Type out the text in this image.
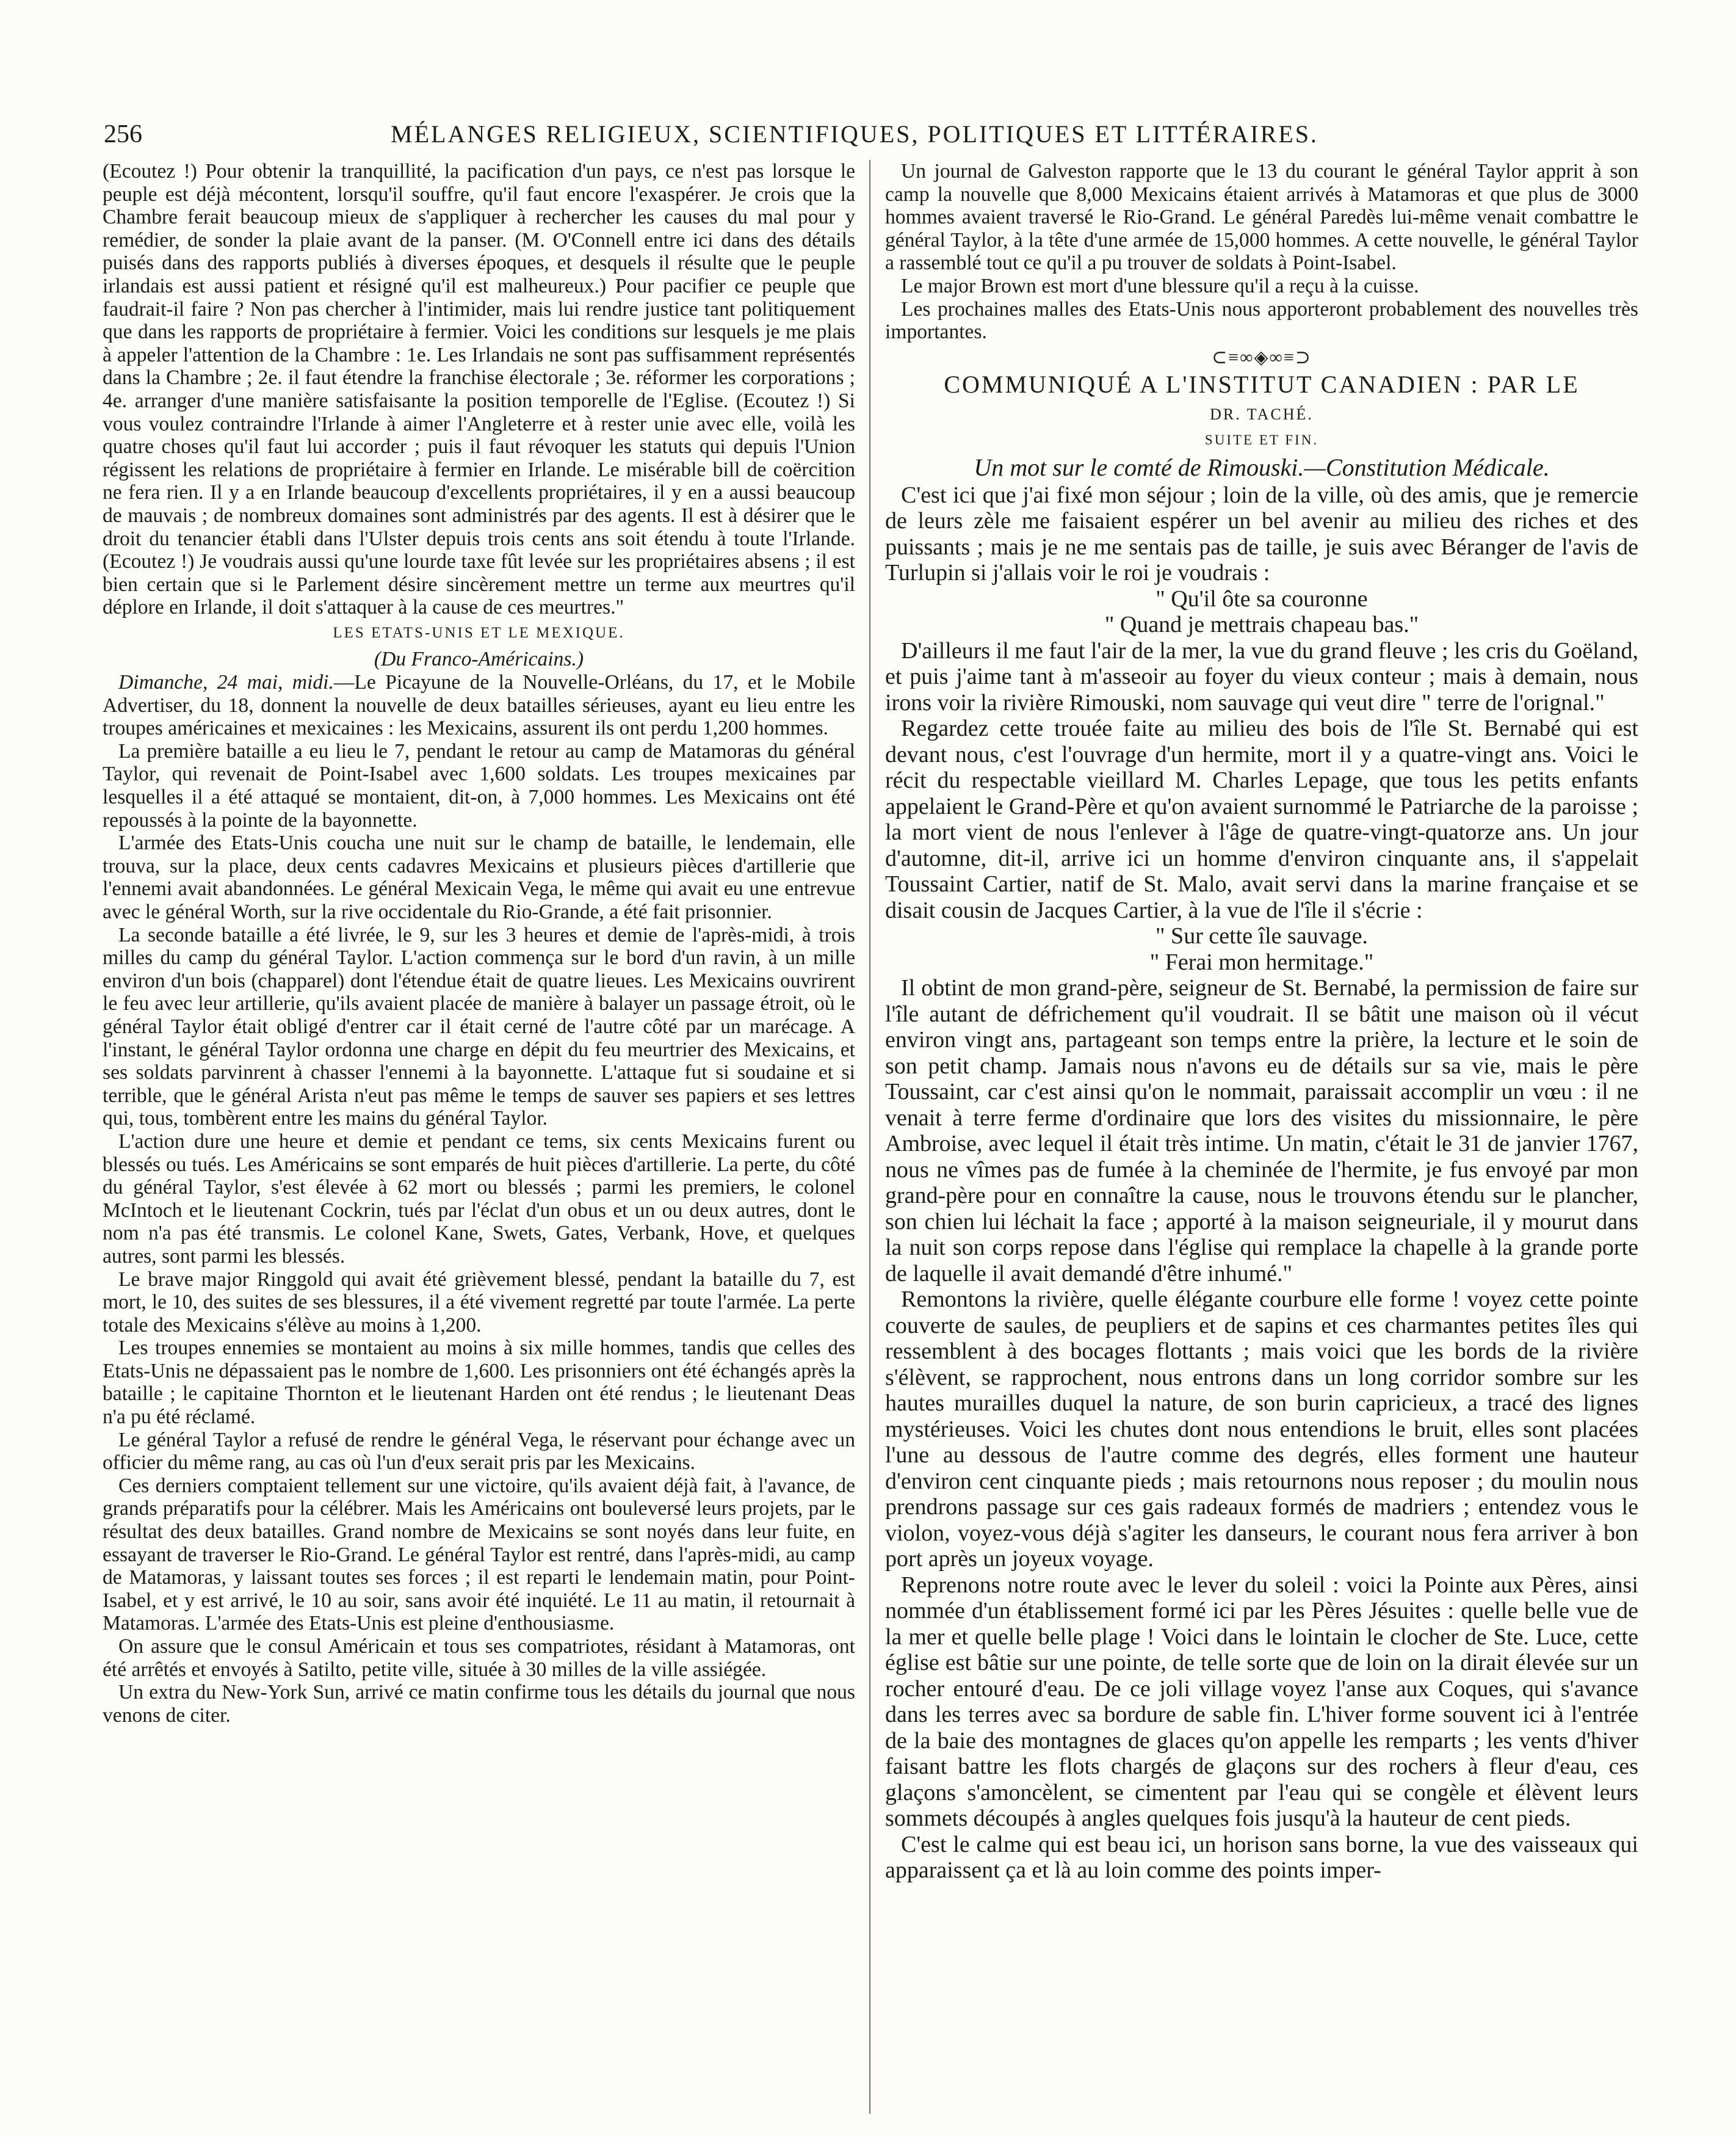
256	MÉLANGES RELIGIEUX, SCIENTIFIQUES, POLITIQUES ET LITTÉRAIRES.

(Ecoutez !) Pour obtenir la tranquillité, la pacification d'un pays, ce n'est pas lorsque le peuple est déjà mécontent, lorsqu'il souffre, qu'il faut encore l'exaspérer. Je crois que la Chambre ferait beaucoup mieux de s'appliquer à rechercher les causes du mal pour y remédier, de sonder la plaie avant de la panser. (M. O'Connell entre ici dans des détails puisés dans des rapports publiés à diverses époques, et desquels il résulte que le peuple irlandais est aussi patient et résigné qu'il est malheureux.) Pour pacifier ce peuple que faudrait-il faire ? Non pas chercher à l'intimider, mais lui rendre justice tant politiquement que dans les rapports de propriétaire à fermier. Voici les conditions sur lesquels je me plais à appeler l'attention de la Chambre : 1e. Les Irlandais ne sont pas suffisamment représentés dans la Chambre ; 2e. il faut étendre la franchise électorale ; 3e. réformer les corporations ; 4e. arranger d'une manière satisfaisante la position temporelle de l'Eglise. (Ecoutez !) Si vous voulez contraindre l'Irlande à aimer l'Angleterre et à rester unie avec elle, voilà les quatre choses qu'il faut lui accorder ; puis il faut révoquer les statuts qui depuis l'Union régissent les relations de propriétaire à fermier en Irlande. Le misérable bill de coërcition ne fera rien. Il y a en Irlande beaucoup d'excellents propriétaires, il y en a aussi beaucoup de mauvais ; de nombreux domaines sont administrés par des agents. Il est à désirer que le droit du tenancier établi dans l'Ulster depuis trois cents ans soit étendu à toute l'Irlande. (Ecoutez !) Je voudrais aussi qu'une lourde taxe fût levée sur les propriétaires absens ; il est bien certain que si le Parlement désire sincèrement mettre un terme aux meurtres qu'il déplore en Irlande, il doit s'attaquer à la cause de ces meurtres."

LES ETATS-UNIS ET LE MEXIQUE.

(Du Franco-Américains.)

Dimanche, 24 mai, midi.—Le Picayune de la Nouvelle-Orléans, du 17, et le Mobile Advertiser, du 18, donnent la nouvelle de deux batailles sérieuses, ayant eu lieu entre les troupes américaines et mexicaines : les Mexicains, assurent ils ont perdu 1,200 hommes.

La première bataille a eu lieu le 7, pendant le retour au camp de Matamoras du général Taylor, qui revenait de Point-Isabel avec 1,600 soldats. Les troupes mexicaines par lesquelles il a été attaqué se montaient, dit-on, à 7,000 hommes. Les Mexicains ont été repoussés à la pointe de la bayonnette.

L'armée des Etats-Unis coucha une nuit sur le champ de bataille, le lendemain, elle trouva, sur la place, deux cents cadavres Mexicains et plusieurs pièces d'artillerie que l'ennemi avait abandonnées. Le général Mexicain Vega, le même qui avait eu une entrevue avec le général Worth, sur la rive occidentale du Rio-Grande, a été fait prisonnier.

La seconde bataille a été livrée, le 9, sur les 3 heures et demie de l'après-midi, à trois milles du camp du général Taylor. L'action commença sur le bord d'un ravin, à un mille environ d'un bois (chapparel) dont l'étendue était de quatre lieues. Les Mexicains ouvrirent le feu avec leur artillerie, qu'ils avaient placée de manière à balayer un passage étroit, où le général Taylor était obligé d'entrer car il était cerné de l'autre côté par un marécage. A l'instant, le général Taylor ordonna une charge en dépit du feu meurtrier des Mexicains, et ses soldats parvinrent à chasser l'ennemi à la bayonnette. L'attaque fut si soudaine et si terrible, que le général Arista n'eut pas même le temps de sauver ses papiers et ses lettres qui, tous, tombèrent entre les mains du général Taylor.

L'action dure une heure et demie et pendant ce tems, six cents Mexicains furent ou blessés ou tués. Les Américains se sont emparés de huit pièces d'artillerie. La perte, du côté du général Taylor, s'est élevée à 62 mort ou blessés ; parmi les premiers, le colonel McIntoch et le lieutenant Cockrin, tués par l'éclat d'un obus et un ou deux autres, dont le nom n'a pas été transmis. Le colonel Kane, Swets, Gates, Verbank, Hove, et quelques autres, sont parmi les blessés.

Le brave major Ringgold qui avait été grièvement blessé, pendant la bataille du 7, est mort, le 10, des suites de ses blessures, il a été vivement regretté par toute l'armée. La perte totale des Mexicains s'élève au moins à 1,200.

Les troupes ennemies se montaient au moins à six mille hommes, tandis que celles des Etats-Unis ne dépassaient pas le nombre de 1,600. Les prisonniers ont été échangés après la bataille ; le capitaine Thornton et le lieutenant Harden ont été rendus ; le lieutenant Deas n'a pu été réclamé.

Le général Taylor a refusé de rendre le général Vega, le réservant pour échange avec un officier du même rang, au cas où l'un d'eux serait pris par les Mexicains.

Ces derniers comptaient tellement sur une victoire, qu'ils avaient déjà fait, à l'avance, de grands préparatifs pour la célébrer. Mais les Américains ont bouleversé leurs projets, par le résultat des deux batailles. Grand nombre de Mexicains se sont noyés dans leur fuite, en essayant de traverser le Rio-Grand. Le général Taylor est rentré, dans l'après-midi, au camp de Matamoras, y laissant toutes ses forces ; il est reparti le lendemain matin, pour Point-Isabel, et y est arrivé, le 10 au soir, sans avoir été inquiété. Le 11 au matin, il retournait à Matamoras. L'armée des Etats-Unis est pleine d'enthousiasme.

On assure que le consul Américain et tous ses compatriotes, résidant à Matamoras, ont été arrêtés et envoyés à Satilto, petite ville, située à 30 milles de la ville assiégée.

Un extra du New-York Sun, arrivé ce matin confirme tous les détails du journal que nous venons de citer.

Un journal de Galveston rapporte que le 13 du courant le général Taylor apprit à son camp la nouvelle que 8,000 Mexicains étaient arrivés à Matamoras et que plus de 3000 hommes avaient traversé le Rio-Grand. Le général Paredès lui-même venait combattre le général Taylor, à la tête d'une armée de 15,000 hommes. A cette nouvelle, le général Taylor a rassemblé tout ce qu'il a pu trouver de soldats à Point-Isabel.

Le major Brown est mort d'une blessure qu'il a reçu à la cuisse.

Les prochaines malles des Etats-Unis nous apporteront probablement des nouvelles très importantes.

⊂≡∞◈∞≡⊃
COMMUNIQUÉ A L'INSTITUT CANADIEN : PAR LE
DR. TACHÉ.
SUITE ET FIN.
Un mot sur le comté de Rimouski.—Constitution Médicale.

C'est ici que j'ai fixé mon séjour ; loin de la ville, où des amis, que je remercie de leurs zèle me faisaient espérer un bel avenir au milieu des riches et des puissants ; mais je ne me sentais pas de taille, je suis avec Béranger de l'avis de Turlupin si j'allais voir le roi je voudrais :

" Qu'il ôte sa couronne

" Quand je mettrais chapeau bas."

D'ailleurs il me faut l'air de la mer, la vue du grand fleuve ; les cris du Goëland, et puis j'aime tant à m'asseoir au foyer du vieux conteur ; mais à demain, nous irons voir la rivière Rimouski, nom sauvage qui veut dire " terre de l'orignal."

Regardez cette trouée faite au milieu des bois de l'île St. Bernabé qui est devant nous, c'est l'ouvrage d'un hermite, mort il y a quatre-vingt ans. Voici le récit du respectable vieillard M. Charles Lepage, que tous les petits enfants appelaient le Grand-Père et qu'on avaient surnommé le Patriarche de la paroisse ; la mort vient de nous l'enlever à l'âge de quatre-vingt-quatorze ans. Un jour d'automne, dit-il, arrive ici un homme d'environ cinquante ans, il s'appelait Toussaint Cartier, natif de St. Malo, avait servi dans la marine française et se disait cousin de Jacques Cartier, à la vue de l'île il s'écrie :

" Sur cette île sauvage.

" Ferai mon hermitage."

Il obtint de mon grand-père, seigneur de St. Bernabé, la permission de faire sur l'île autant de défrichement qu'il voudrait. Il se bâtit une maison où il vécut environ vingt ans, partageant son temps entre la prière, la lecture et le soin de son petit champ. Jamais nous n'avons eu de détails sur sa vie, mais le père Toussaint, car c'est ainsi qu'on le nommait, paraissait accomplir un vœu : il ne venait à terre ferme d'ordinaire que lors des visites du missionnaire, le père Ambroise, avec lequel il était très intime. Un matin, c'était le 31 de janvier 1767, nous ne vîmes pas de fumée à la cheminée de l'hermite, je fus envoyé par mon grand-père pour en connaître la cause, nous le trouvons étendu sur le plancher, son chien lui léchait la face ; apporté à la maison seigneuriale, il y mourut dans la nuit son corps repose dans l'église qui remplace la chapelle à la grande porte de laquelle il avait demandé d'être inhumé."

Remontons la rivière, quelle élégante courbure elle forme ! voyez cette pointe couverte de saules, de peupliers et de sapins et ces charmantes petites îles qui ressemblent à des bocages flottants ; mais voici que les bords de la rivière s'élèvent, se rapprochent, nous entrons dans un long corridor sombre sur les hautes murailles duquel la nature, de son burin capricieux, a tracé des lignes mystérieuses. Voici les chutes dont nous entendions le bruit, elles sont placées l'une au dessous de l'autre comme des degrés, elles forment une hauteur d'environ cent cinquante pieds ; mais retournons nous reposer ; du moulin nous prendrons passage sur ces gais radeaux formés de madriers ; entendez vous le violon, voyez-vous déjà s'agiter les danseurs, le courant nous fera arriver à bon port après un joyeux voyage.

Reprenons notre route avec le lever du soleil : voici la Pointe aux Pères, ainsi nommée d'un établissement formé ici par les Pères Jésuites : quelle belle vue de la mer et quelle belle plage ! Voici dans le lointain le clocher de Ste. Luce, cette église est bâtie sur une pointe, de telle sorte que de loin on la dirait élevée sur un rocher entouré d'eau. De ce joli village voyez l'anse aux Coques, qui s'avance dans les terres avec sa bordure de sable fin. L'hiver forme souvent ici à l'entrée de la baie des montagnes de glaces qu'on appelle les remparts ; les vents d'hiver faisant battre les flots chargés de glaçons sur des rochers à fleur d'eau, ces glaçons s'amoncèlent, se cimentent par l'eau qui se congèle et élèvent leurs sommets découpés à angles quelques fois jusqu'à la hauteur de cent pieds.

C'est le calme qui est beau ici, un horison sans borne, la vue des vaisseaux qui apparaissent ça et là au loin comme des points imper-
